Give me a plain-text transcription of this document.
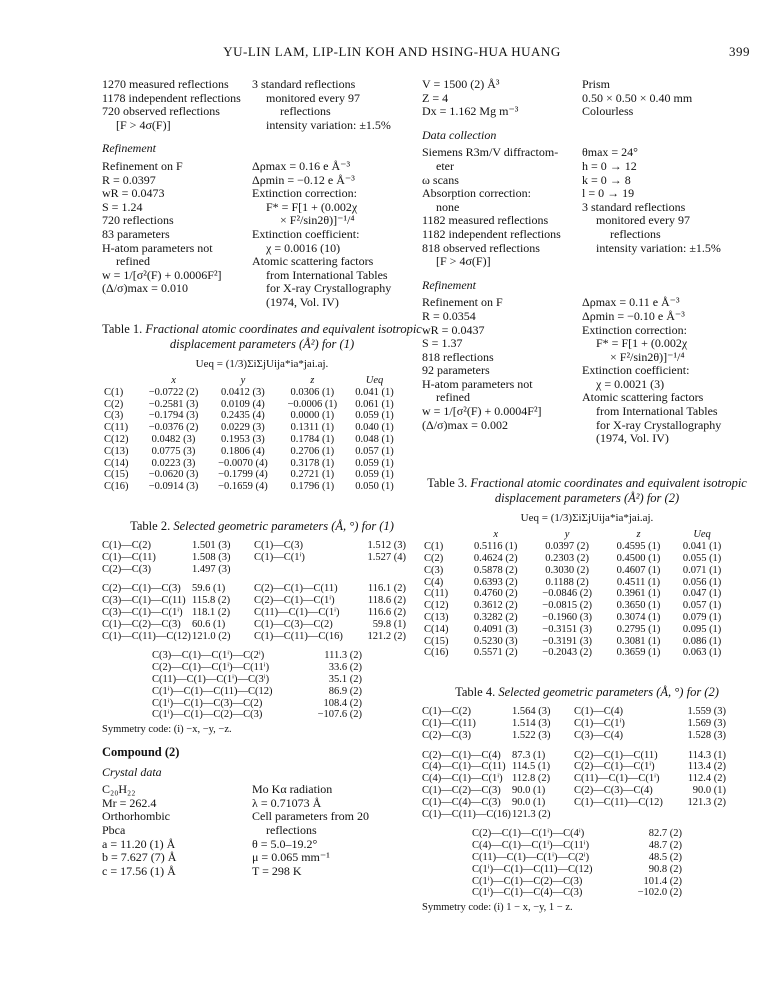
YU-LIN LAM, LIP-LIN KOH AND HSING-HUA HUANG	399
1270 measured reflections
1178 independent reflections
720 observed reflections
[F > 4σ(F)]
3 standard reflections
monitored every 97
reflections
intensity variation: ±1.5%
Refinement
Refinement on F
R = 0.0397
wR = 0.0473
S = 1.24
720 reflections
83 parameters
H-atom parameters not
refined
w = 1/[σ²(F) + 0.0006F²]
(Δ/σ)max = 0.010
Δρmax = 0.16 e Å⁻³
Δρmin = −0.12 e Å⁻³
Extinction correction:
F* = F[1 + (0.002χ
× F²/sin2θ)]⁻¹/⁴
Extinction coefficient:
χ = 0.0016 (10)
Atomic scattering factors
from International Tables
for X-ray Crystallography
(1974, Vol. IV)
Table 1. Fractional atomic coordinates and equivalent isotropic displacement parameters (Å²) for (1)
Ueq = (1/3)ΣiΣjUija*ia*jai.aj.
	x	y	z	Ueq
C(1)	−0.0722 (2)	0.0412 (3)	0.0306 (1)	0.041 (1)
C(2)	−0.2581 (3)	0.0109 (4)	−0.0006 (1)	0.061 (1)
C(3)	−0.1794 (3)	0.2435 (4)	0.0000 (1)	0.059 (1)
C(11)	−0.0376 (2)	0.0229 (3)	0.1311 (1)	0.040 (1)
C(12)	0.0482 (3)	0.1953 (3)	0.1784 (1)	0.048 (1)
C(13)	0.0775 (3)	0.1806 (4)	0.2706 (1)	0.057 (1)
C(14)	0.0223 (3)	−0.0070 (4)	0.3178 (1)	0.059 (1)
C(15)	−0.0620 (3)	−0.1799 (4)	0.2721 (1)	0.059 (1)
C(16)	−0.0914 (3)	−0.1659 (4)	0.1796 (1)	0.050 (1)
Table 2. Selected geometric parameters (Å, °) for (1)
C(1)—C(2)	1.501 (3)	C(1)—C(3)	1.512 (3)
C(1)—C(11)	1.508 (3)	C(1)—C(1ⁱ)	1.527 (4)
C(2)—C(3)	1.497 (3)
C(2)—C(1)—C(3)	59.6 (1)	C(2)—C(1)—C(11)	116.1 (2)
C(3)—C(1)—C(11) 115.8 (2)	C(2)—C(1)—C(1ⁱ)	118.6 (2)
C(3)—C(1)—C(1ⁱ) 118.1 (2)	C(11)—C(1)—C(1ⁱ)	116.6 (2)
C(1)—C(2)—C(3)	60.6 (1)	C(1)—C(3)—C(2)	59.8 (1)
C(1)—C(11)—C(12) 121.0 (2)	C(1)—C(11)—C(16)	121.2 (2)
C(3)—C(1)—C(1ⁱ)—C(2ⁱ)	111.3 (2)
C(2)—C(1)—C(1ⁱ)—C(11ⁱ)	33.6 (2)
C(11)—C(1)—C(1ⁱ)—C(3ⁱ)	35.1 (2)
C(1ⁱ)—C(1)—C(11)—C(12)	86.9 (2)
C(1ⁱ)—C(1)—C(3)—C(2)	108.4 (2)
C(1ⁱ)—C(1)—C(2)—C(3)	−107.6 (2)
Symmetry code: (i) −x, −y, −z.
Compound (2)
Crystal data
C₂₀H₂₂
Mr = 262.4
Orthorhombic
Pbca
a = 11.20 (1) Å
b = 7.627 (7) Å
c = 17.56 (1) Å
Mo Kα radiation
λ = 0.71073 Å
Cell parameters from 20
reflections
θ = 5.0–19.2°
μ = 0.065 mm⁻¹
T = 298 K
V = 1500 (2) Å³
Z = 4
Dx = 1.162 Mg m⁻³
Prism
0.50 × 0.50 × 0.40 mm
Colourless
Data collection
Siemens R3m/V diffractom-
eter
ω scans
Absorption correction:
none
1182 measured reflections
1182 independent reflections
818 observed reflections
[F > 4σ(F)]
θmax = 24°
h = 0 → 12
k = 0 → 8
l = 0 → 19
3 standard reflections
monitored every 97
reflections
intensity variation: ±1.5%
Refinement
Refinement on F
R = 0.0354
wR = 0.0437
S = 1.37
818 reflections
92 parameters
H-atom parameters not
refined
w = 1/[σ²(F) + 0.0004F²]
(Δ/σ)max = 0.002
Δρmax = 0.11 e Å⁻³
Δρmin = −0.10 e Å⁻³
Extinction correction:
F* = F[1 + (0.002χ
× F²/sin2θ)]⁻¹/⁴
Extinction coefficient:
χ = 0.0021 (3)
Atomic scattering factors
from International Tables
for X-ray Crystallography
(1974, Vol. IV)
Table 3. Fractional atomic coordinates and equivalent isotropic displacement parameters (Å²) for (2)
Ueq = (1/3)ΣiΣjUija*ia*jai.aj.
	x	y	z	Ueq
C(1)	0.5116 (1)	0.0397 (2)	0.4595 (1)	0.041 (1)
C(2)	0.4624 (2)	0.2303 (2)	0.4500 (1)	0.055 (1)
C(3)	0.5878 (2)	0.3030 (2)	0.4607 (1)	0.071 (1)
C(4)	0.6393 (2)	0.1188 (2)	0.4511 (1)	0.056 (1)
C(11)	0.4760 (2)	−0.0846 (2)	0.3961 (1)	0.047 (1)
C(12)	0.3612 (2)	−0.0815 (2)	0.3650 (1)	0.057 (1)
C(13)	0.3282 (2)	−0.1960 (3)	0.3074 (1)	0.079 (1)
C(14)	0.4091 (3)	−0.3151 (3)	0.2795 (1)	0.095 (1)
C(15)	0.5230 (3)	−0.3191 (3)	0.3081 (1)	0.086 (1)
C(16)	0.5571 (2)	−0.2043 (2)	0.3659 (1)	0.063 (1)
Table 4. Selected geometric parameters (Å, °) for (2)
C(1)—C(2)	1.564 (3)	C(1)—C(4)	1.559 (3)
C(1)—C(11)	1.514 (3)	C(1)—C(1ⁱ)	1.569 (3)
C(2)—C(3)	1.522 (3)	C(3)—C(4)	1.528 (3)
C(2)—C(1)—C(4)	87.3 (1)	C(2)—C(1)—C(11)	114.3 (1)
C(4)—C(1)—C(11) 114.5 (1)	C(2)—C(1)—C(1ⁱ)	113.4 (2)
C(4)—C(1)—C(1ⁱ) 112.8 (2)	C(11)—C(1)—C(1ⁱ)	112.4 (2)
C(1)—C(2)—C(3)	90.0 (1)	C(2)—C(3)—C(4)	90.0 (1)
C(1)—C(4)—C(3)	90.0 (1)	C(1)—C(11)—C(12)	121.3 (2)
C(1)—C(11)—C(16) 121.3 (2)
C(2)—C(1)—C(1ⁱ)—C(4ⁱ)	82.7 (2)
C(4)—C(1)—C(1ⁱ)—C(11ⁱ)	48.7 (2)
C(11)—C(1)—C(1ⁱ)—C(2ⁱ)	48.5 (2)
C(1ⁱ)—C(1)—C(11)—C(12)	90.8 (2)
C(1ⁱ)—C(1)—C(2)—C(3)	101.4 (2)
C(1ⁱ)—C(1)—C(4)—C(3)	−102.0 (2)
Symmetry code: (i) 1 − x, −y, 1 − z.
